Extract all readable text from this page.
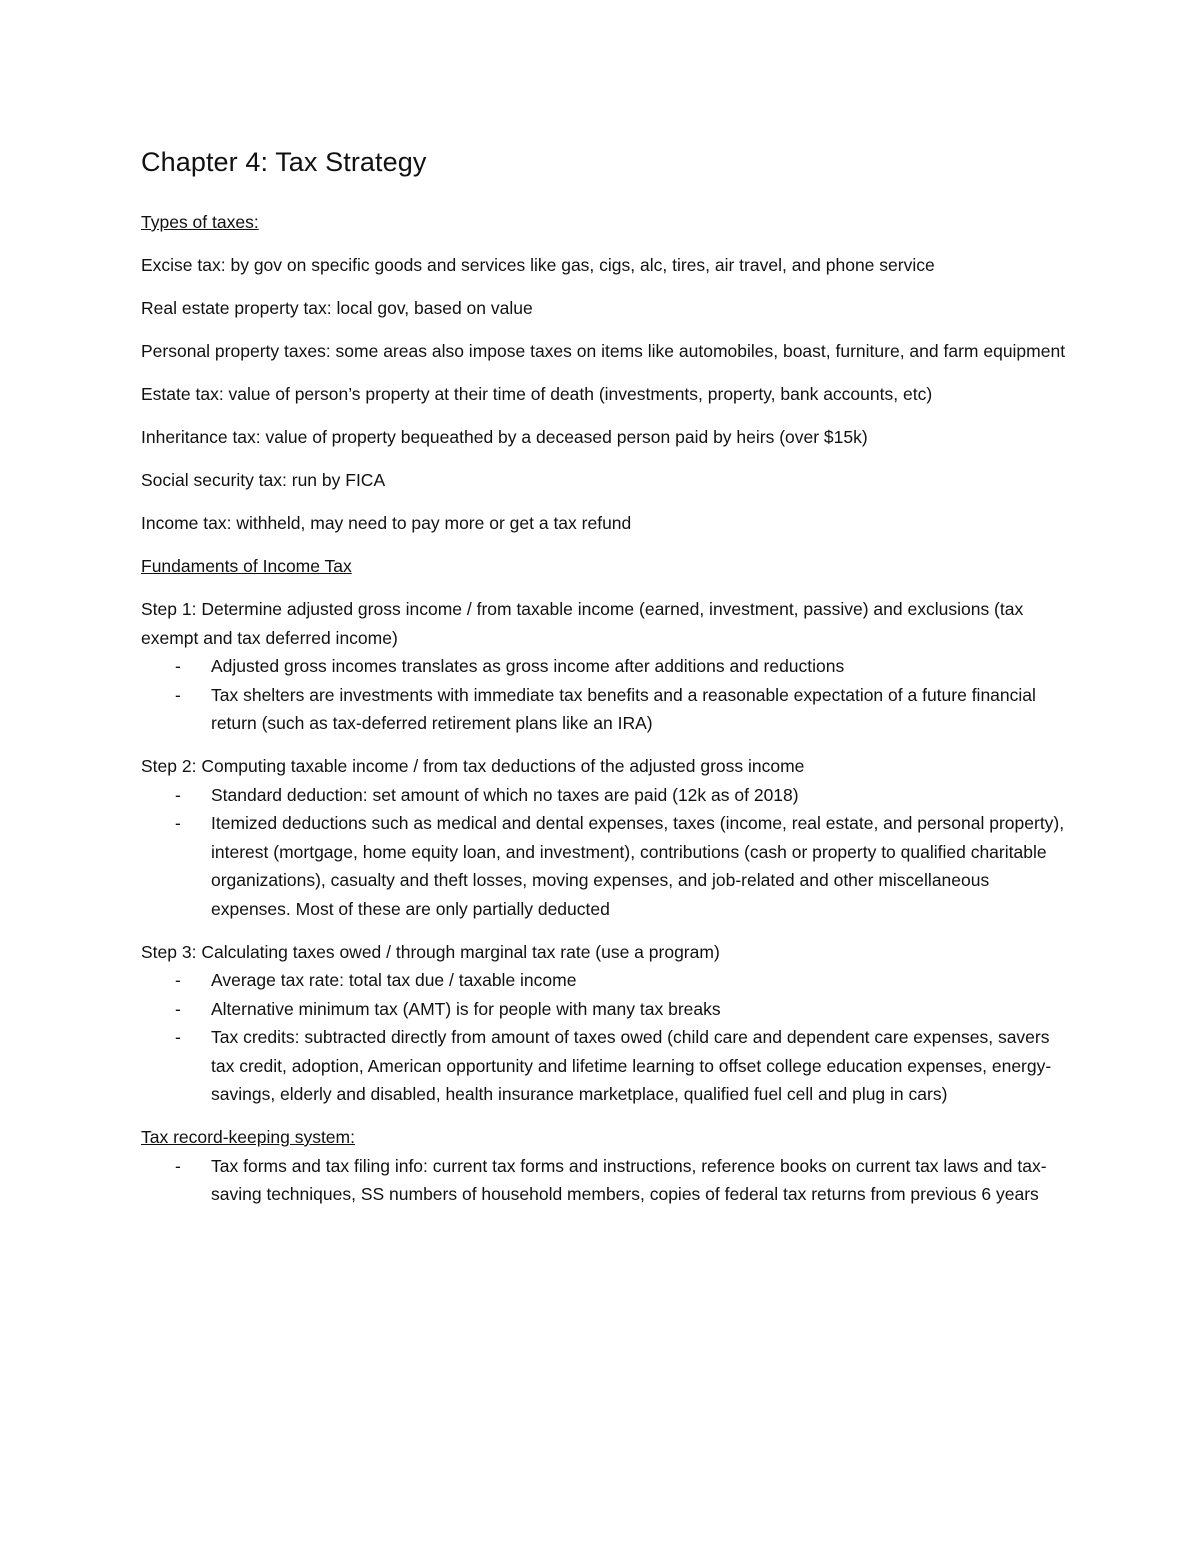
Chapter 4: Tax Strategy

Types of taxes:

Excise tax: by gov on specific goods and services like gas, cigs, alc, tires, air travel, and phone service

Real estate property tax: local gov, based on value

Personal property taxes: some areas also impose taxes on items like automobiles, boast, furniture, and farm equipment

Estate tax: value of person’s property at their time of death (investments, property, bank accounts, etc)

Inheritance tax: value of property bequeathed by a deceased person paid by heirs (over $15k)

Social security tax: run by FICA

Income tax: withheld, may need to pay more or get a tax refund

Fundaments of Income Tax

Step 1: Determine adjusted gross income / from taxable income (earned, investment, passive) and exclusions (tax exempt and tax deferred income)

- Adjusted gross incomes translates as gross income after additions and reductions
- Tax shelters are investments with immediate tax benefits and a reasonable expectation of a future financial return (such as tax-deferred retirement plans like an IRA)

Step 2: Computing taxable income / from tax deductions of the adjusted gross income

- Standard deduction: set amount of which no taxes are paid (12k as of 2018)
- Itemized deductions such as medical and dental expenses, taxes (income, real estate, and personal property), interest (mortgage, home equity loan, and investment), contributions (cash or property to qualified charitable organizations), casualty and theft losses, moving expenses, and job-related and other miscellaneous expenses. Most of these are only partially deducted

Step 3: Calculating taxes owed / through marginal tax rate (use a program)

- Average tax rate: total tax due / taxable income
- Alternative minimum tax (AMT) is for people with many tax breaks
- Tax credits: subtracted directly from amount of taxes owed (child care and dependent care expenses, savers tax credit, adoption, American opportunity and lifetime learning to offset college education expenses, energy-savings, elderly and disabled, health insurance marketplace, qualified fuel cell and plug in cars)

Tax record-keeping system:

- Tax forms and tax filing info: current tax forms and instructions, reference books on current tax laws and tax-saving techniques, SS numbers of household members, copies of federal tax returns from previous 6 years
